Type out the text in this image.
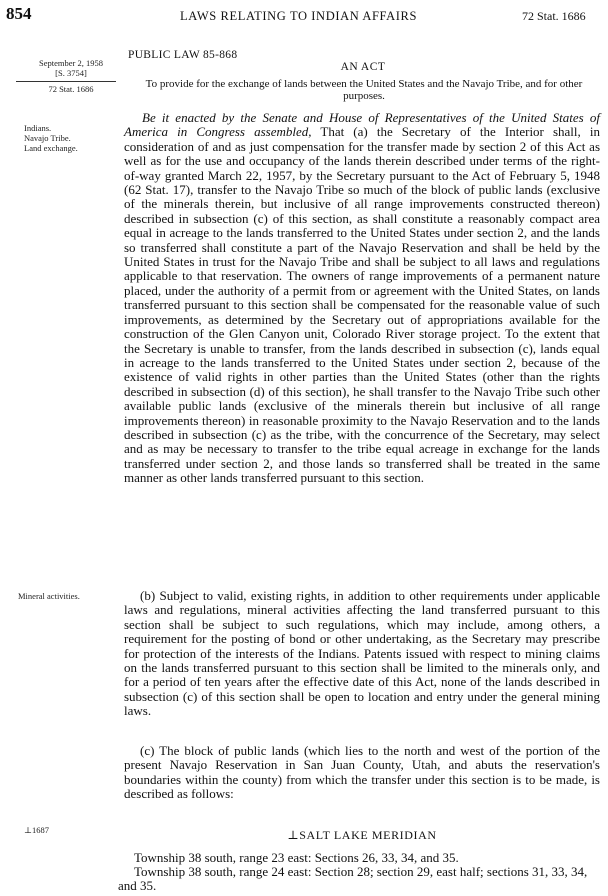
854	LAWS RELATING TO INDIAN AFFAIRS	72 Stat. 1686
September 2, 1958
[S. 3754]
72 Stat. 1686
Indians.
Navajo Tribe.
Land exchange.
Mineral activities.
⊥1687
PUBLIC LAW 85-868
AN ACT
To provide for the exchange of lands between the United States and the Navajo Tribe, and for other purposes.
Be it enacted by the Senate and House of Representatives of the United States of America in Congress assembled, That (a) the Secretary of the Interior shall, in consideration of and as just compensation for the transfer made by section 2 of this Act as well as for the use and occupancy of the lands therein described under terms of the right-of-way granted March 22, 1957, by the Secretary pursuant to the Act of February 5, 1948 (62 Stat. 17), transfer to the Navajo Tribe so much of the block of public lands (exclusive of the minerals therein, but inclusive of all range improvements constructed thereon) described in subsection (c) of this section, as shall constitute a reasonably compact area equal in acreage to the lands transferred to the United States under section 2, and the lands so transferred shall constitute a part of the Navajo Reservation and shall be held by the United States in trust for the Navajo Tribe and shall be subject to all laws and regulations applicable to that reservation. The owners of range improvements of a permanent nature placed, under the authority of a permit from or agreement with the United States, on lands transferred pursuant to this section shall be compensated for the reasonable value of such improvements, as determined by the Secretary out of appropriations available for the construction of the Glen Canyon unit, Colorado River storage project. To the extent that the Secretary is unable to transfer, from the lands described in subsection (c), lands equal in acreage to the lands transferred to the United States under section 2, because of the existence of valid rights in other parties than the United States (other than the rights described in subsection (d) of this section), he shall transfer to the Navajo Tribe such other available public lands (exclusive of the minerals therein but inclusive of all range improvements thereon) in reasonable proximity to the Navajo Reservation and to the lands described in subsection (c) as the tribe, with the concurrence of the Secretary, may select and as may be necessary to transfer to the tribe equal acreage in exchange for the lands transferred under section 2, and those lands so transferred shall be treated in the same manner as other lands transferred pursuant to this section.
(b) Subject to valid, existing rights, in addition to other requirements under applicable laws and regulations, mineral activities affecting the land transferred pursuant to this section shall be subject to such regulations, which may include, among others, a requirement for the posting of bond or other undertaking, as the Secretary may prescribe for protection of the interests of the Indians. Patents issued with respect to mining claims on the lands transferred pursuant to this section shall be limited to the minerals only, and for a period of ten years after the effective date of this Act, none of the lands described in subsection (c) of this section shall be open to location and entry under the general mining laws.
(c) The block of public lands (which lies to the north and west of the portion of the present Navajo Reservation in San Juan County, Utah, and abuts the reservation's boundaries within the county) from which the transfer under this section is to be made, is described as follows:
⊥SALT LAKE MERIDIAN
Township 38 south, range 23 east: Sections 26, 33, 34, and 35.
Township 38 south, range 24 east: Section 28; section 29, east half; sections 31, 33, 34, and 35.
